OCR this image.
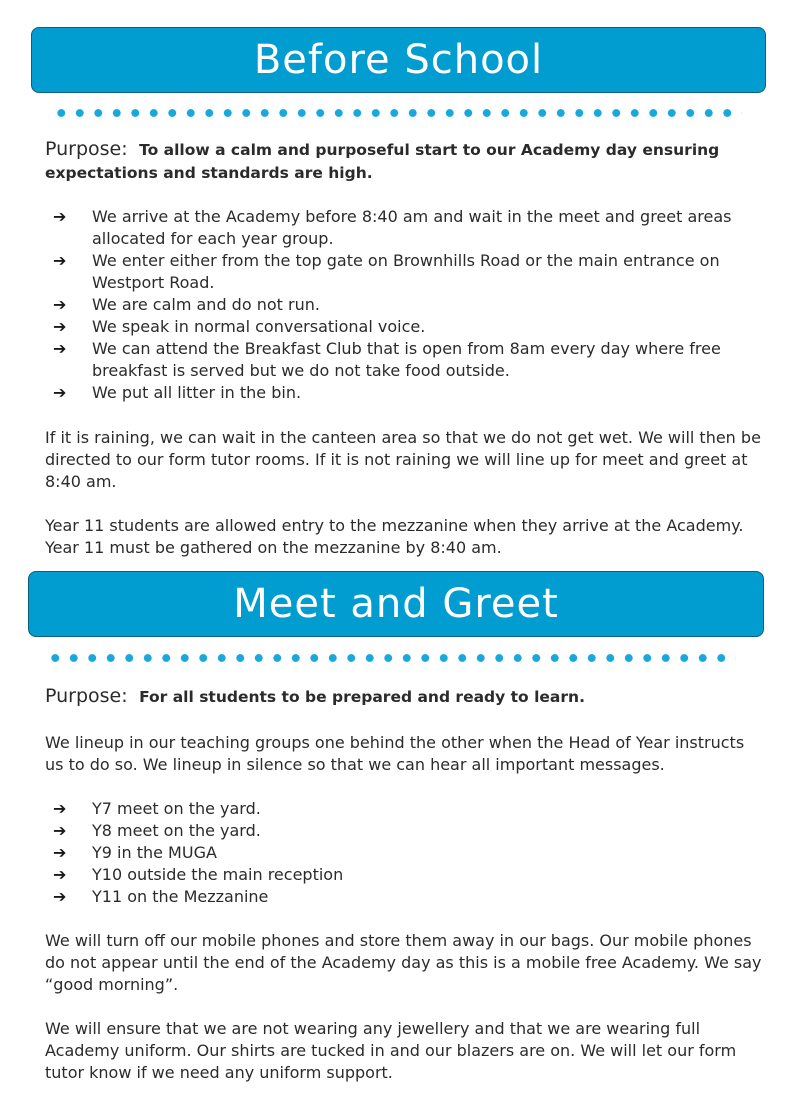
Before School
Purpose: To allow a calm and purposeful start to our Academy day ensuring expectations and standards are high.
➔ We arrive at the Academy before 8:40 am and wait in the meet and greet areas allocated for each year group.
➔ We enter either from the top gate on Brownhills Road or the main entrance on Westport Road.
➔ We are calm and do not run.
➔ We speak in normal conversational voice.
➔ We can attend the Breakfast Club that is open from 8am every day where free breakfast is served but we do not take food outside.
➔ We put all litter in the bin.

If it is raining, we can wait in the canteen area so that we do not get wet. We will then be directed to our form tutor rooms. If it is not raining we will line up for meet and greet at 8:40 am.

Year 11 students are allowed entry to the mezzanine when they arrive at the Academy. Year 11 must be gathered on the mezzanine by 8:40 am.

Meet and Greet
Purpose: For all students to be prepared and ready to learn.

We lineup in our teaching groups one behind the other when the Head of Year instructs us to do so. We lineup in silence so that we can hear all important messages.

➔ Y7 meet on the yard.
➔ Y8 meet on the yard.
➔ Y9 in the MUGA
➔ Y10 outside the main reception
➔ Y11 on the Mezzanine

We will turn off our mobile phones and store them away in our bags. Our mobile phones do not appear until the end of the Academy day as this is a mobile free Academy. We say “good morning”.

We will ensure that we are not wearing any jewellery and that we are wearing full Academy uniform. Our shirts are tucked in and our blazers are on. We will let our form tutor know if we need any uniform support.
